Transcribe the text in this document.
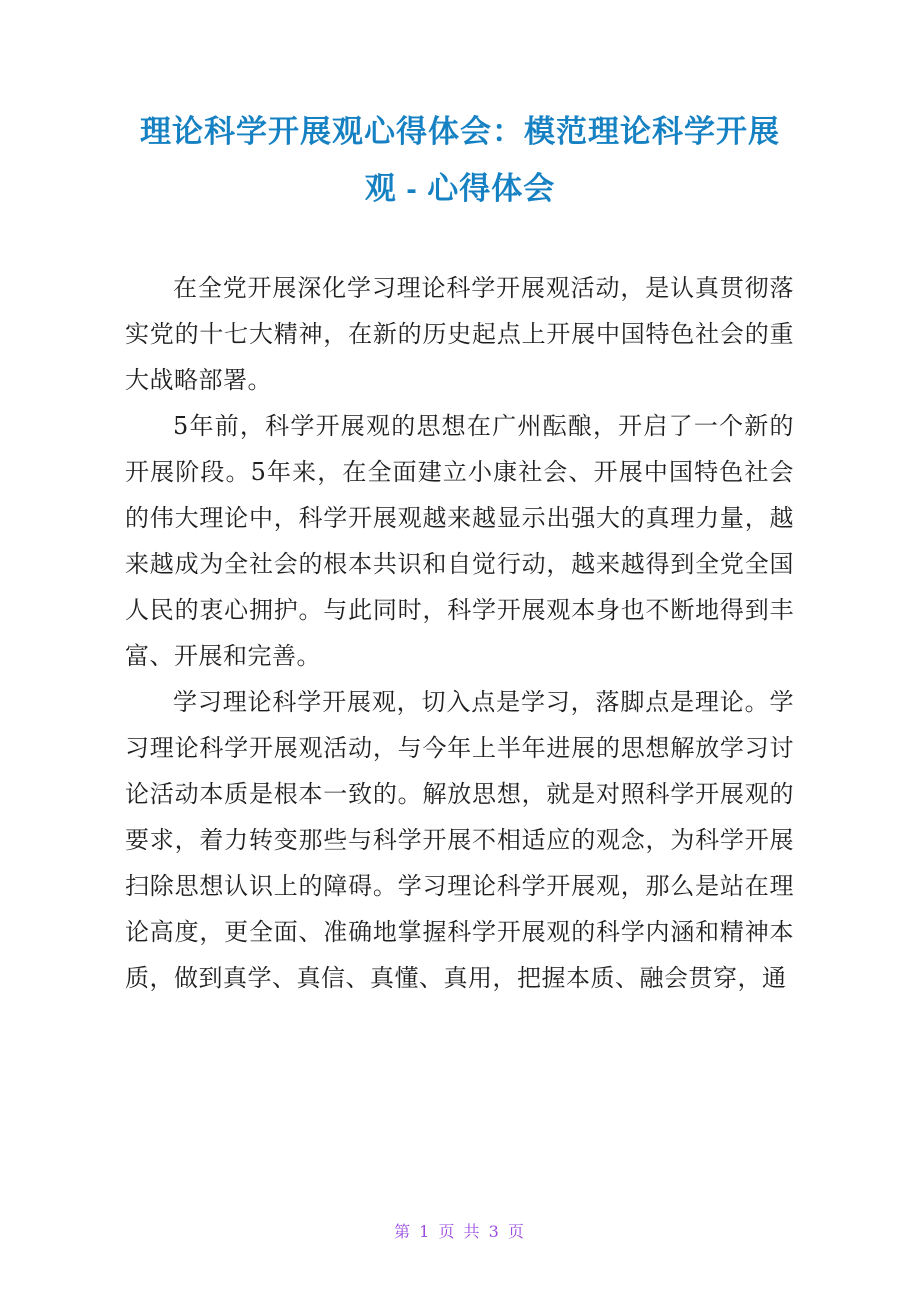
理论科学开展观心得体会：模范理论科学开展
观 - 心得体会

在全党开展深化学习理论科学开展观活动，是认真贯彻落实党的十七大精神，在新的历史起点上开展中国特色社会的重大战略部署。

5年前，科学开展观的思想在广州酝酿，开启了一个新的开展阶段。5年来，在全面建立小康社会、开展中国特色社会的伟大理论中，科学开展观越来越显示出强大的真理力量，越来越成为全社会的根本共识和自觉行动，越来越得到全党全国人民的衷心拥护。与此同时，科学开展观本身也不断地得到丰富、开展和完善。

学习理论科学开展观，切入点是学习，落脚点是理论。学习理论科学开展观活动，与今年上半年进展的思想解放学习讨论活动本质是根本一致的。解放思想，就是对照科学开展观的要求，着力转变那些与科学开展不相适应的观念，为科学开展扫除思想认识上的障碍。学习理论科学开展观，那么是站在理论高度，更全面、准确地掌握科学开展观的科学内涵和精神本质，做到真学、真信、真懂、真用，把握本质、融会贯穿，通

第 1 页 共 3 页
